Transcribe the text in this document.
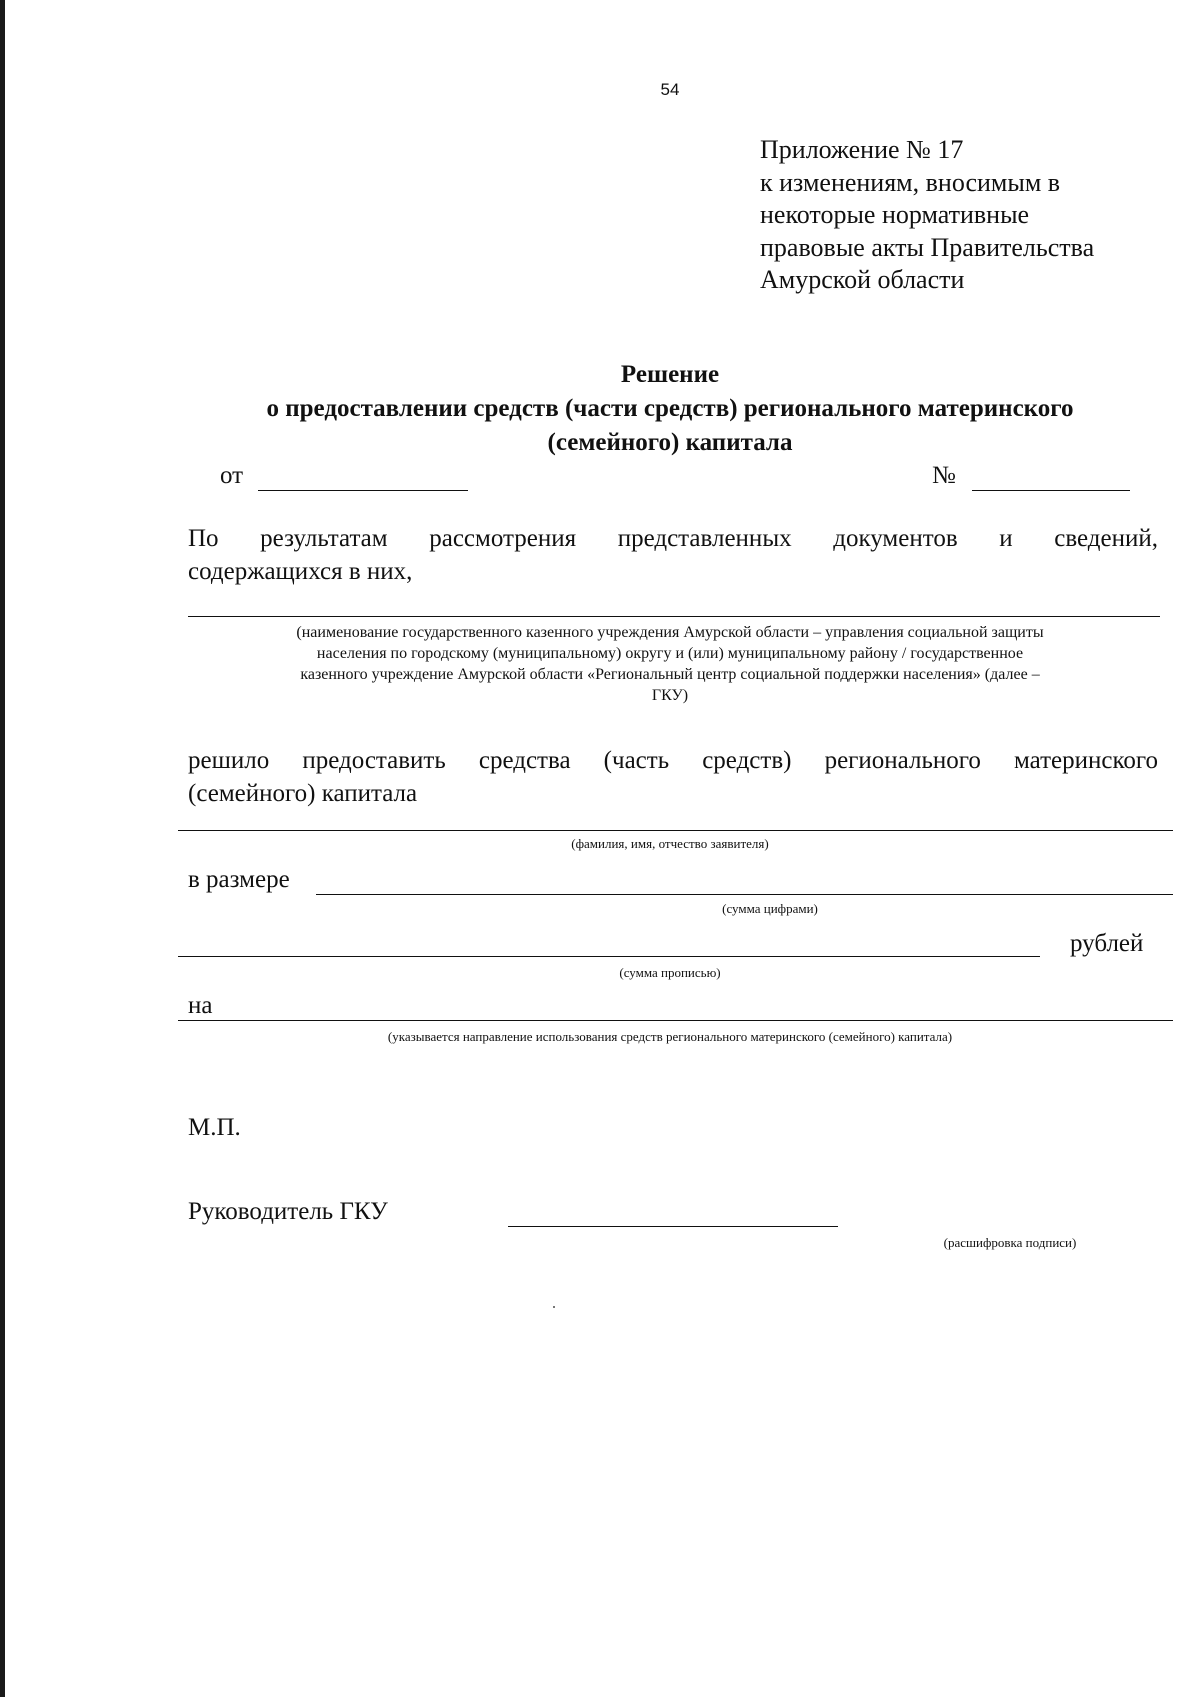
54
Приложение № 17
к изменениям, вносимым в
некоторые нормативные
правовые акты Правительства
Амурской области
Решение
о предоставлении средств (части средств) регионального материнского
(семейного) капитала
от	№
По результатам рассмотрения представленных документов и сведений,
содержащихся в них,
(наименование государственного казенного учреждения Амурской области – управления социальной защиты
населения по городскому (муниципальному) округу и (или) муниципальному району / государственное
казенного учреждение Амурской области «Региональный центр социальной поддержки населения» (далее –
ГКУ)
решило предоставить средства (часть средств) регионального материнского
(семейного) капитала
(фамилия, имя, отчество заявителя)
в размере
(сумма цифрами)
рублей
(сумма прописью)
на
(указывается направление использования средств регионального материнского (семейного) капитала)
М.П.
Руководитель ГКУ
(расшифровка подписи)
